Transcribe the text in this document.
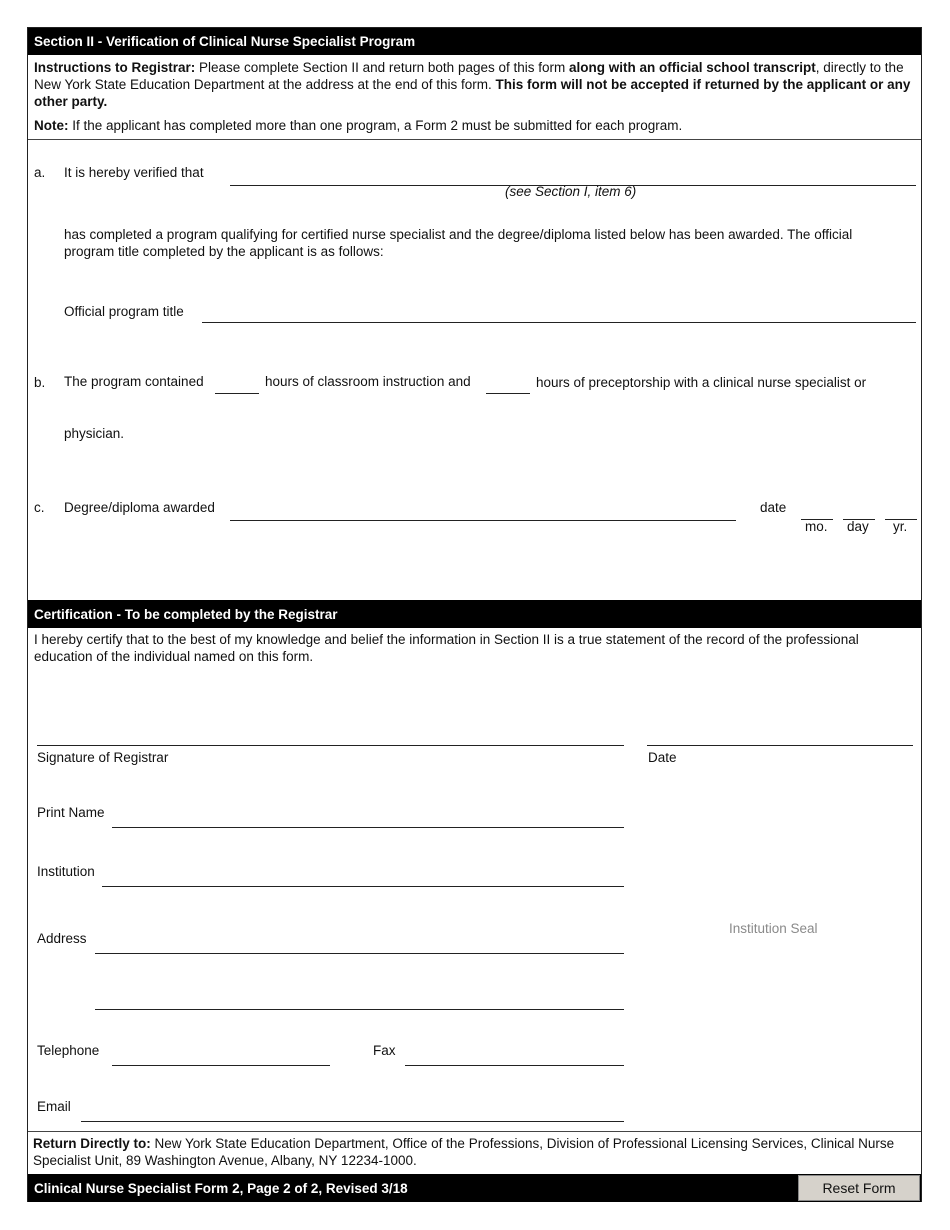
Section II - Verification of Clinical Nurse Specialist Program
Instructions to Registrar: Please complete Section II and return both pages of this form along with an official school transcript, directly to the New York State Education Department at the address at the end of this form. This form will not be accepted if returned by the applicant or any other party.
Note: If the applicant has completed more than one program, a Form 2 must be submitted for each program.
a. It is hereby verified that
(see Section I, item 6)
has completed a program qualifying for certified nurse specialist and the degree/diploma listed below has been awarded. The official program title completed by the applicant is as follows:
Official program title
b. The program contained	hours of classroom instruction and	hours of preceptorship with a clinical nurse specialist or
physician.
c. Degree/diploma awarded	date
mo. day yr.
Certification - To be completed by the Registrar
I hereby certify that to the best of my knowledge and belief the information in Section II is a true statement of the record of the professional education of the individual named on this form.
Signature of Registrar	Date
Print Name
Institution
Address
Institution Seal
Telephone	Fax
Email
Return Directly to: New York State Education Department, Office of the Professions, Division of Professional Licensing Services, Clinical Nurse Specialist Unit, 89 Washington Avenue, Albany, NY 12234-1000.
Clinical Nurse Specialist Form 2, Page 2 of 2, Revised 3/18	Reset Form
